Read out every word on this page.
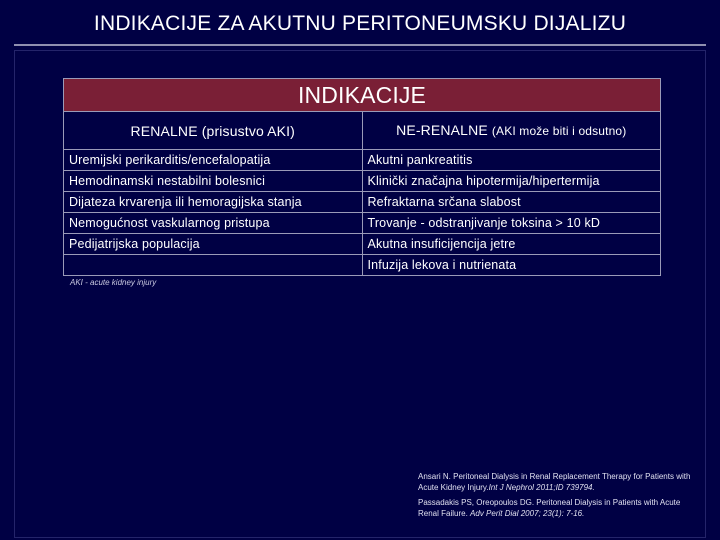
INDIKACIJE ZA AKUTNU PERITONEUMSKU DIJALIZU
INDIKACIJE	
RENALNE (prisustvo AKI)	NE-RENALNE (AKI može biti i odsutno)
Uremijski perikarditis/encefalopatija	Akutni pankreatitis
Hemodinamski nestabilni bolesnici	Klinički značajna hipotermija/hipertermija
Dijateza krvarenja ili hemoragijska stanja	Refraktarna srčana slabost
Nemogućnost vaskularnog pristupa	Trovanje - odstranjivanje toksina > 10 kD
Pedijatrijska populacija	Akutna insuficijencija jetre
	Infuzija lekova i nutrienata
AKI - acute kidney injury
Ansari N. Peritoneal Dialysis in Renal Replacement Therapy for Patients with Acute Kidney Injury.Int J Nephrol 2011;ID 739794.
Passadakis PS, Oreopoulos DG. Peritoneal Dialysis in Patients with Acute Renal Failure. Adv Perit Dial 2007; 23(1): 7-16.
